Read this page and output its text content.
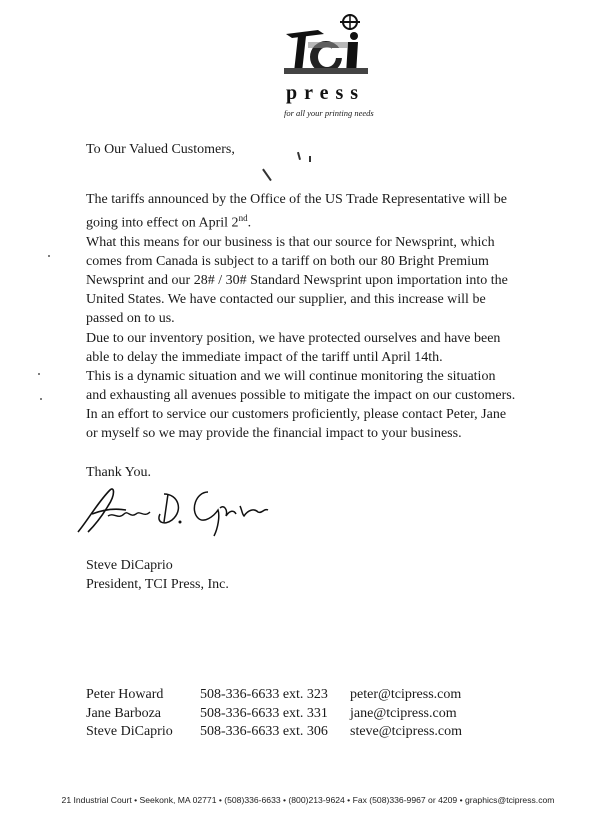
press
for all your printing needs

To Our Valued Customers,

The tariffs announced by the Office of the US Trade Representative will be
going into effect on April 2nd.
What this means for our business is that our source for Newsprint, which
comes from Canada is subject to a tariff on both our 80 Bright Premium
Newsprint and our 28# / 30# Standard Newsprint upon importation into the
United States. We have contacted our supplier, and this increase will be
passed on to us.
Due to our inventory position, we have protected ourselves and have been
able to delay the immediate impact of the tariff until April 14th.
This is a dynamic situation and we will continue monitoring the situation
and exhausting all avenues possible to mitigate the impact on our customers.
In an effort to service our customers proficiently, please contact Peter, Jane
or myself so we may provide the financial impact to your business.

Thank You.

Steve DiCaprio
President, TCI Press, Inc.
Peter Howard	508-336-6633 ext. 323 peter@tcipress.com
Jane Barboza	508-336-6633 ext. 331 jane@tcipress.com
Steve DiCaprio 508-336-6633 ext. 306 steve@tcipress.com
21 Industrial Court • Seekonk, MA 02771 • (508)336-6633 • (800)213-9624 • Fax (508)336-9967 or 4209 • graphics@tcipress.com
